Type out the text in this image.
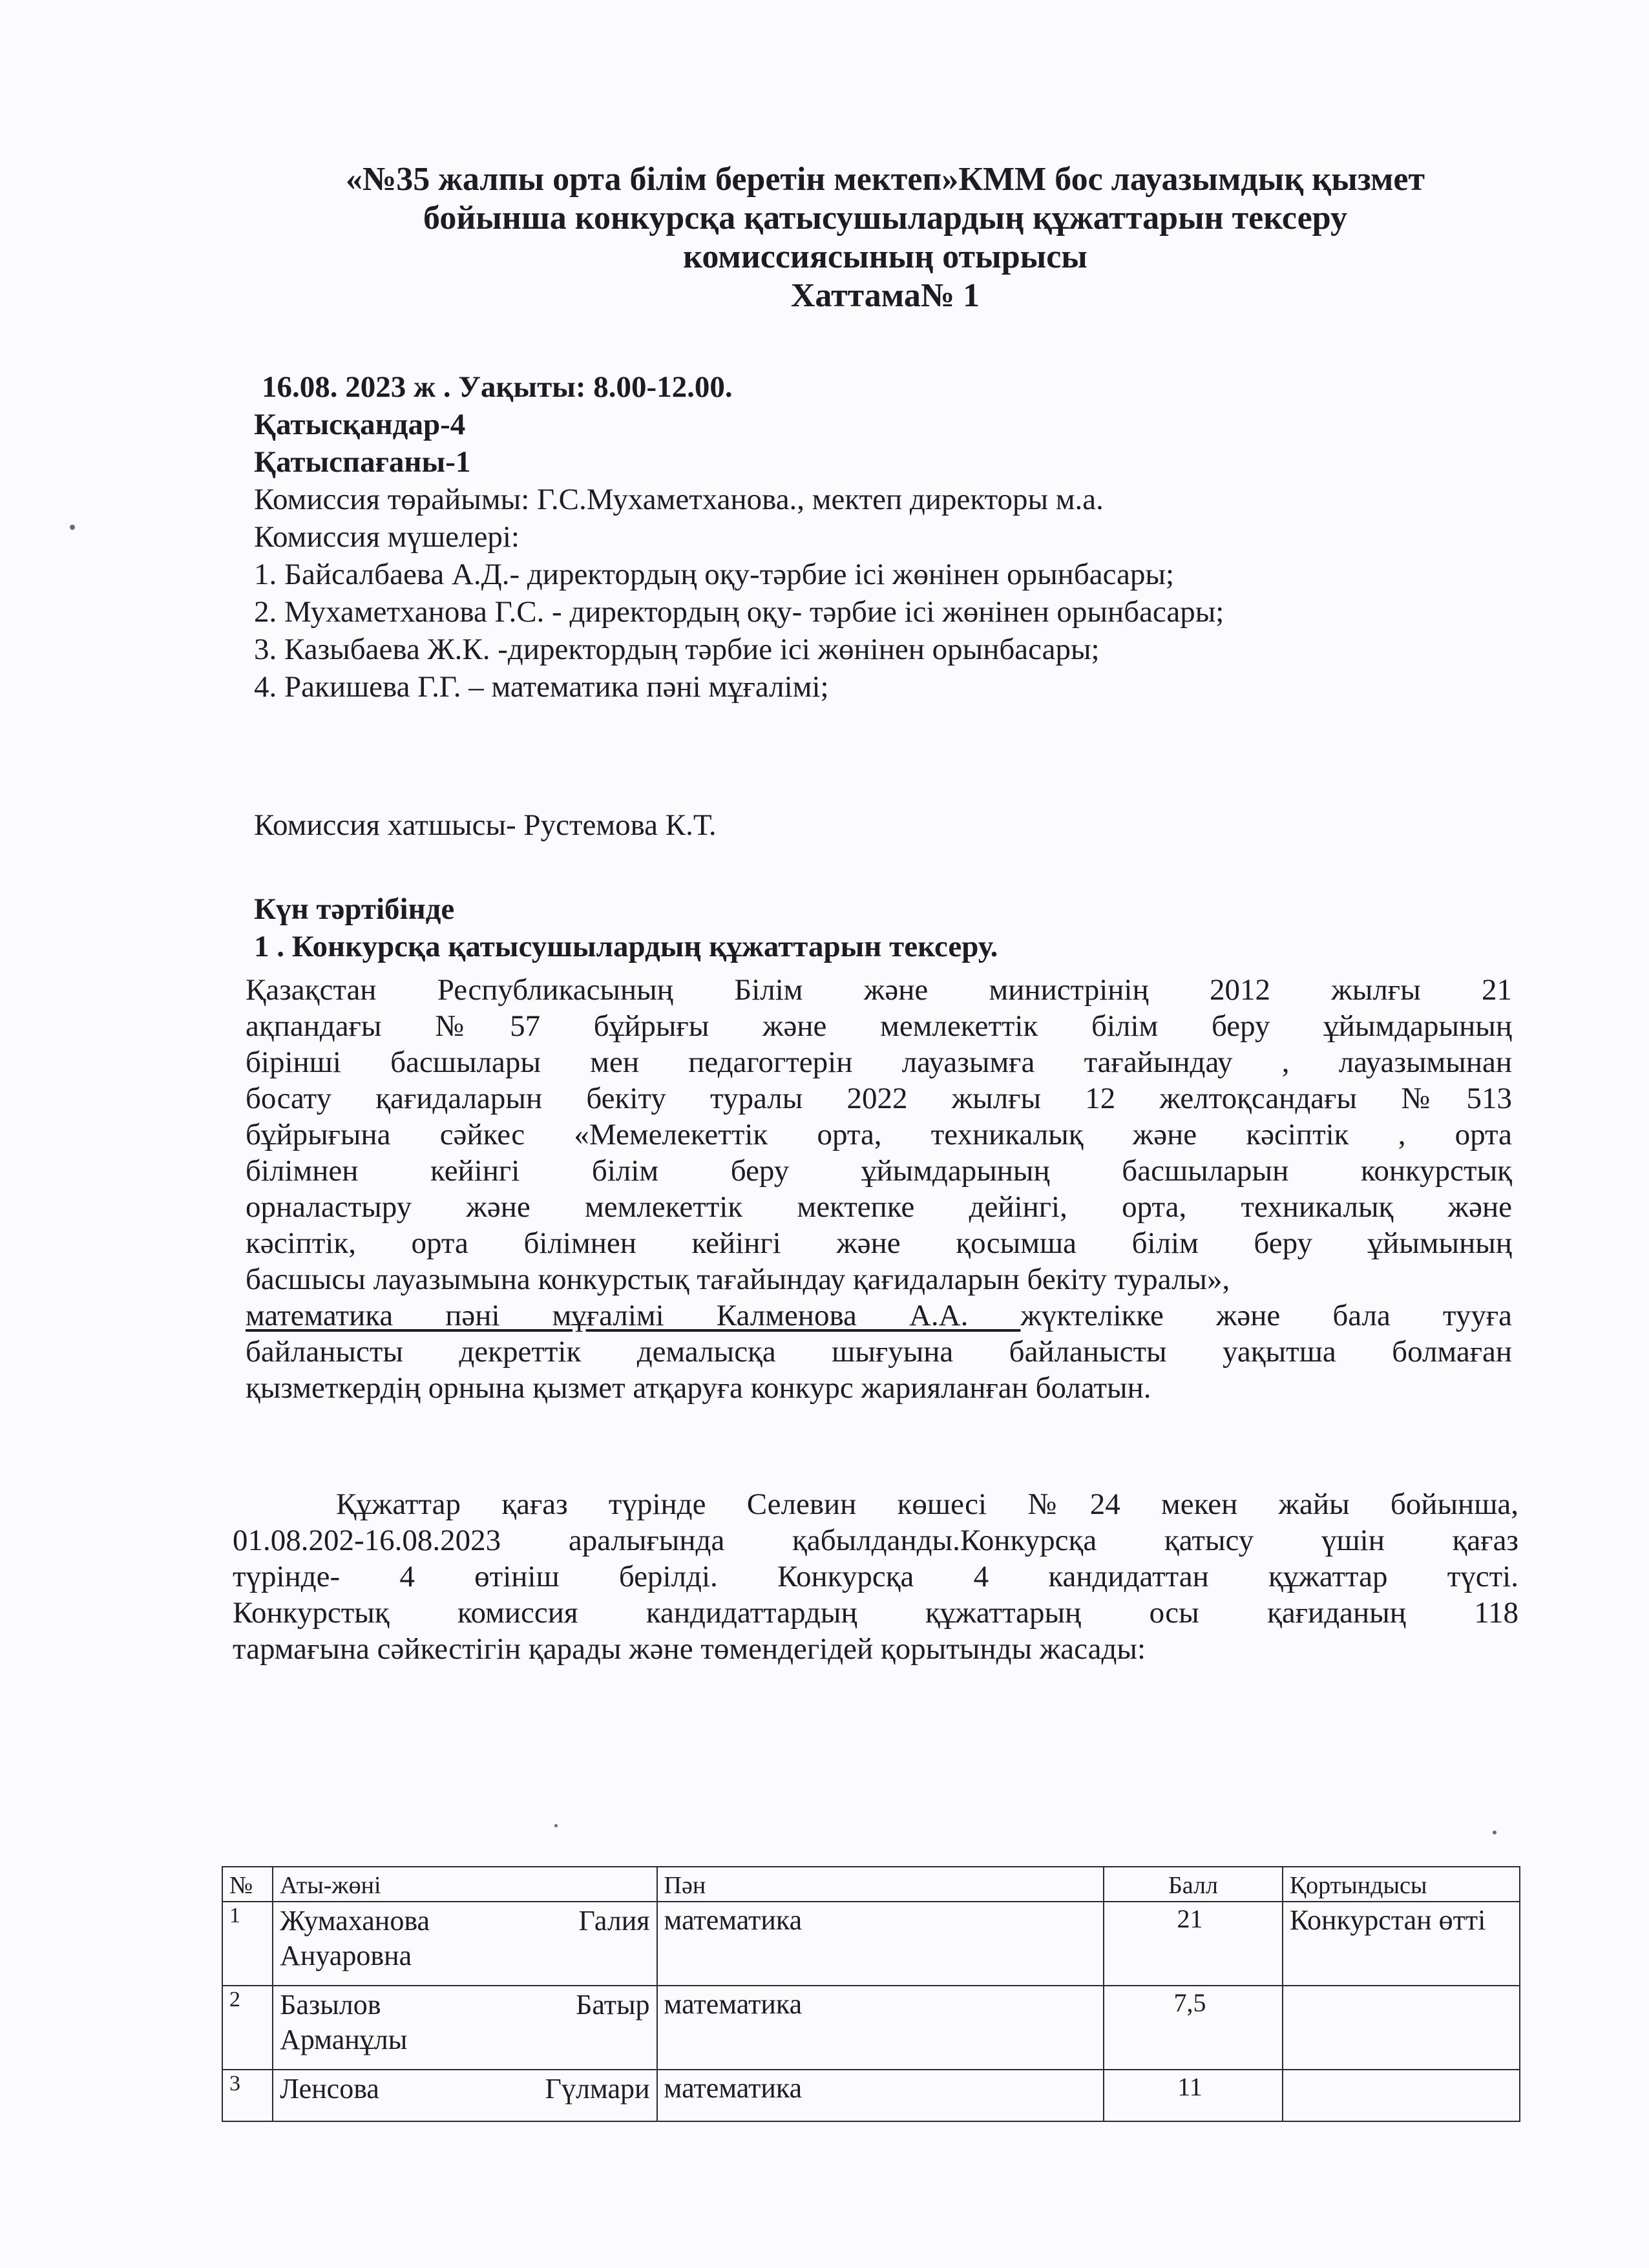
«№35 жалпы орта білім беретін мектеп»КММ бос лауазымдық қызмет
бойынша конкурсқа қатысушылардың құжаттарын тексеру
комиссиясының отырысы
Хаттама№ 1
16.08. 2023 ж . Уақыты: 8.00-12.00.
Қатысқандар-4
Қатыспағаны-1
Комиссия төрайымы: Г.С.Мухаметханова., мектеп директоры м.а.
Комиссия мүшелері:
1. Байсалбаева А.Д.- директордың оқу-тәрбие ісі жөнінен орынбасары;
2. Мухаметханова Г.С. - директордың оқу- тәрбие ісі жөнінен орынбасары;
3. Казыбаева Ж.К. -директордың тәрбие ісі жөнінен орынбасары;
4. Ракишева Г.Г. – математика пәні мұғалімі;
Комиссия хатшысы- Рустемова К.Т.
Күн тәртібінде
1 . Конкурсқа қатысушылардың құжаттарын тексеру.
Қазақстан Республикасының Білім және министрінің 2012 жылғы 21
ақпандағы №57 бұйрығы және мемлекеттік білім беру ұйымдарының
бірінші басшылары мен педагогтерін лауазымға тағайындау , лауазымынан
босату қағидаларын бекіту туралы 2022 жылғы 12 желтоқсандағы №513
бұйрығына сәйкес «Мемелекеттік орта, техникалық және кәсіптік , орта
білімнен кейінгі білім беру ұйымдарының басшыларын конкурстық
орналастыру және мемлекеттік мектепке дейінгі, орта, техникалық және
кәсіптік, орта білімнен кейінгі және қосымша білім беру ұйымының
басшысы лауазымына конкурстық тағайындау қағидаларын бекіту туралы»,
математика пәні мұғалімі Калменова А.А. жүктелікке және бала тууға
байланысты декреттік демалысқа шығуына байланысты уақытша болмаған
қызметкердің орнына қызмет атқаруға конкурс жарияланған болатын.
Құжаттар қағаз түрінде Селевин көшесі №24 мекен жайы бойынша,
01.08.202-16.08.2023 аралығында қабылданды.Конкурсқа қатысу үшін қағаз
түрінде- 4 өтініш берілді. Конкурсқа 4 кандидаттан құжаттар түсті.
Конкурстық комиссия кандидаттардың құжаттарың осы қағиданың 118
тармағына сәйкестігін қарады және төмендегідей қорытынды жасады:
№	Аты-жөні	Пән	Балл	Қортындысы
1	Жумаханова Галия
Ануаровна	математика	21	Конкурстан өтті
2	Базылов Батыр
Арманұлы	математика	7,5	
3	Ленсова Гүлмари	математика	11	
